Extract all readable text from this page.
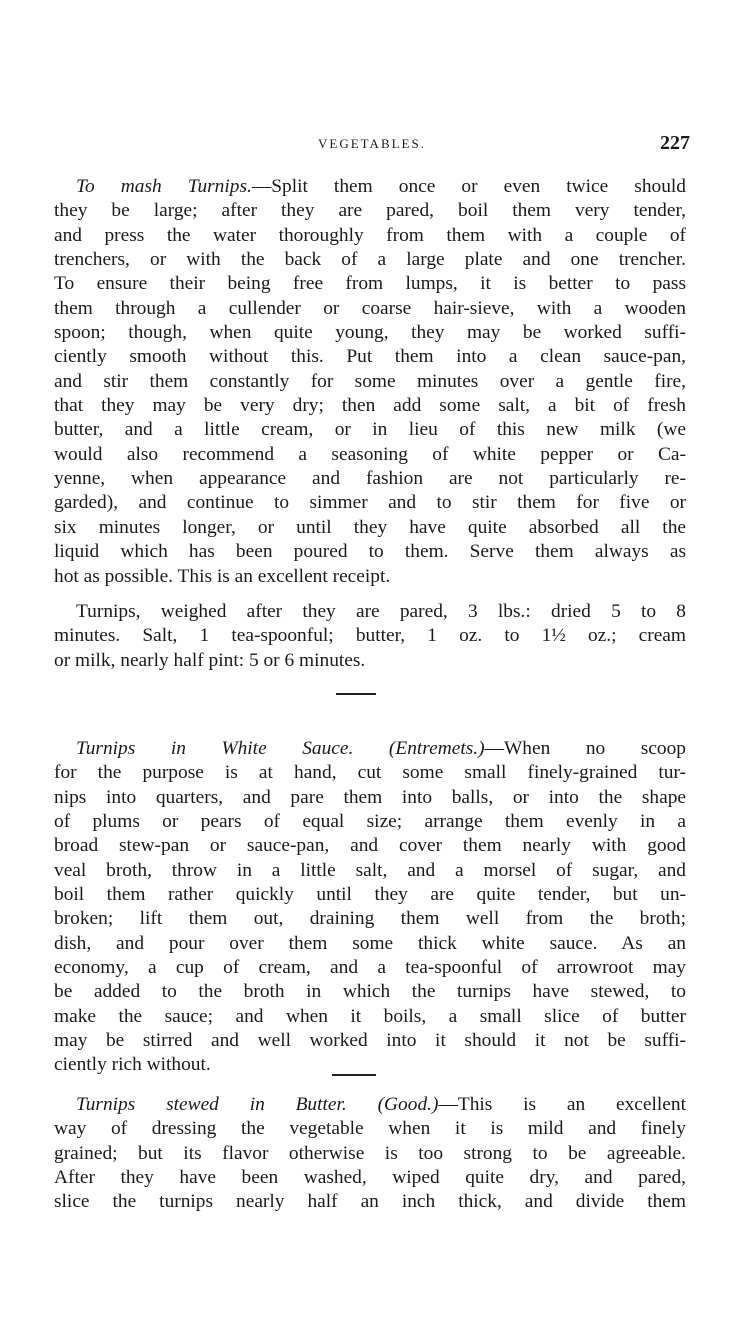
VEGETABLES.	227
To mash Turnips.—Split them once or even twice should
they be large; after they are pared, boil them very tender,
and press the water thoroughly from them with a couple of
trenchers, or with the back of a large plate and one trencher.
To ensure their being free from lumps, it is better to pass
them through a cullender or coarse hair-sieve, with a wooden
spoon; though, when quite young, they may be worked suffi-
ciently smooth without this. Put them into a clean sauce-pan,
and stir them constantly for some minutes over a gentle fire,
that they may be very dry; then add some salt, a bit of fresh
butter, and a little cream, or in lieu of this new milk (we
would also recommend a seasoning of white pepper or Ca-
yenne, when appearance and fashion are not particularly re-
garded), and continue to simmer and to stir them for five or
six minutes longer, or until they have quite absorbed all the
liquid which has been poured to them. Serve them always as
hot as possible. This is an excellent receipt.
Turnips, weighed after they are pared, 3 lbs.: dried 5 to 8
minutes. Salt, 1 tea-spoonful; butter, 1 oz. to 1½ oz.; cream
or milk, nearly half pint: 5 or 6 minutes.
Turnips in White Sauce. (Entremets.)—When no scoop
for the purpose is at hand, cut some small finely-grained tur-
nips into quarters, and pare them into balls, or into the shape
of plums or pears of equal size; arrange them evenly in a
broad stew-pan or sauce-pan, and cover them nearly with good
veal broth, throw in a little salt, and a morsel of sugar, and
boil them rather quickly until they are quite tender, but un-
broken; lift them out, draining them well from the broth;
dish, and pour over them some thick white sauce. As an
economy, a cup of cream, and a tea-spoonful of arrowroot may
be added to the broth in which the turnips have stewed, to
make the sauce; and when it boils, a small slice of butter
may be stirred and well worked into it should it not be suffi-
ciently rich without.
Turnips stewed in Butter. (Good.)—This is an excellent
way of dressing the vegetable when it is mild and finely
grained; but its flavor otherwise is too strong to be agreeable.
After they have been washed, wiped quite dry, and pared,
slice the turnips nearly half an inch thick, and divide them
